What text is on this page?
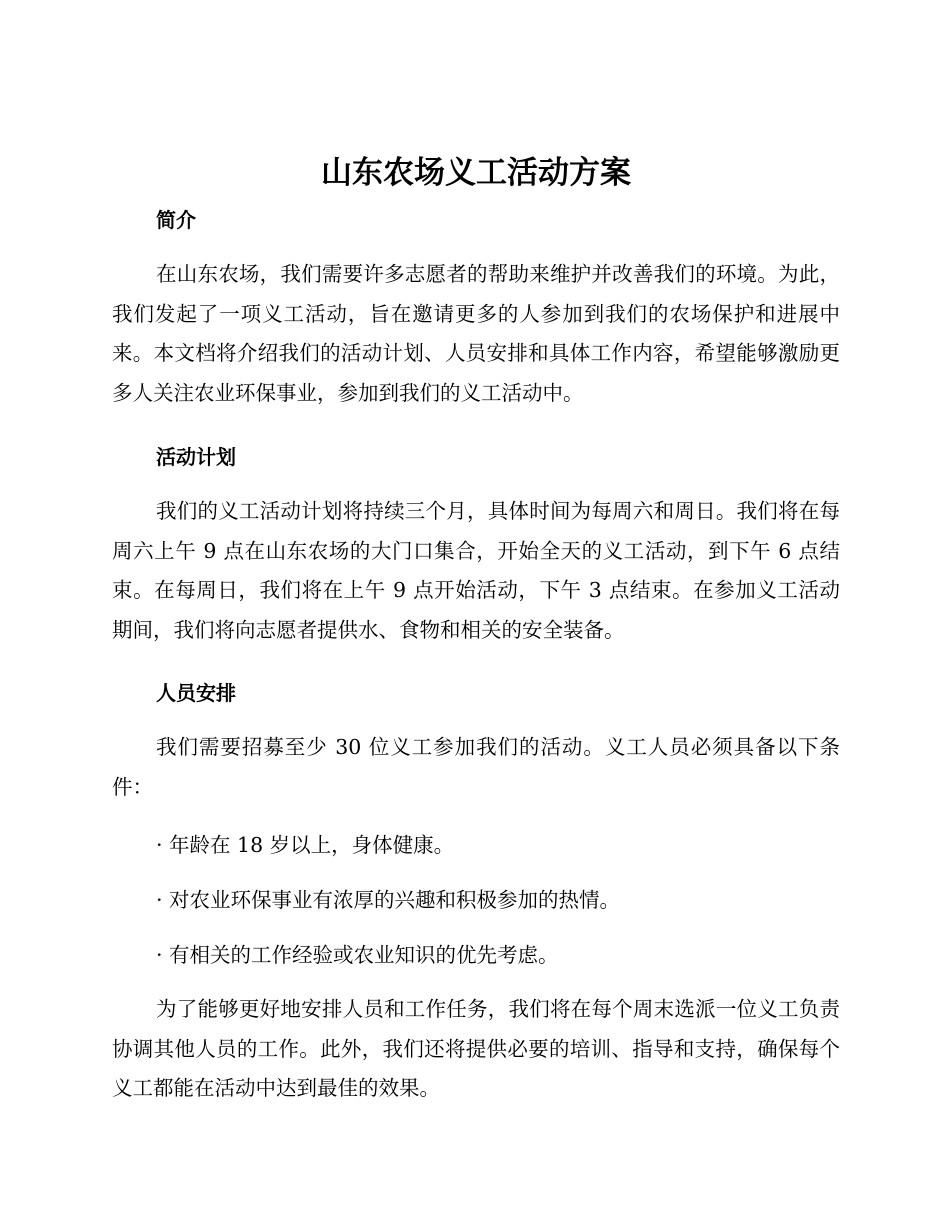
山东农场义工活动方案
简介

在山东农场，我们需要许多志愿者的帮助来维护并改善我们的环境。为此，我们发起了一项义工活动，旨在邀请更多的人参加到我们的农场保护和进展中来。本文档将介绍我们的活动计划、人员安排和具体工作内容，希望能够激励更多人关注农业环保事业，参加到我们的义工活动中。

活动计划

我们的义工活动计划将持续三个月，具体时间为每周六和周日。我们将在每周六上午 9 点在山东农场的大门口集合，开始全天的义工活动，到下午 6 点结束。在每周日，我们将在上午 9 点开始活动，下午 3 点结束。在参加义工活动期间，我们将向志愿者提供水、食物和相关的安全装备。

人员安排

我们需要招募至少 30 位义工参加我们的活动。义工人员必须具备以下条件：

· 年龄在 18 岁以上，身体健康。

· 对农业环保事业有浓厚的兴趣和积极参加的热情。

· 有相关的工作经验或农业知识的优先考虑。

为了能够更好地安排人员和工作任务，我们将在每个周末选派一位义工负责协调其他人员的工作。此外，我们还将提供必要的培训、指导和支持，确保每个义工都能在活动中达到最佳的效果。
